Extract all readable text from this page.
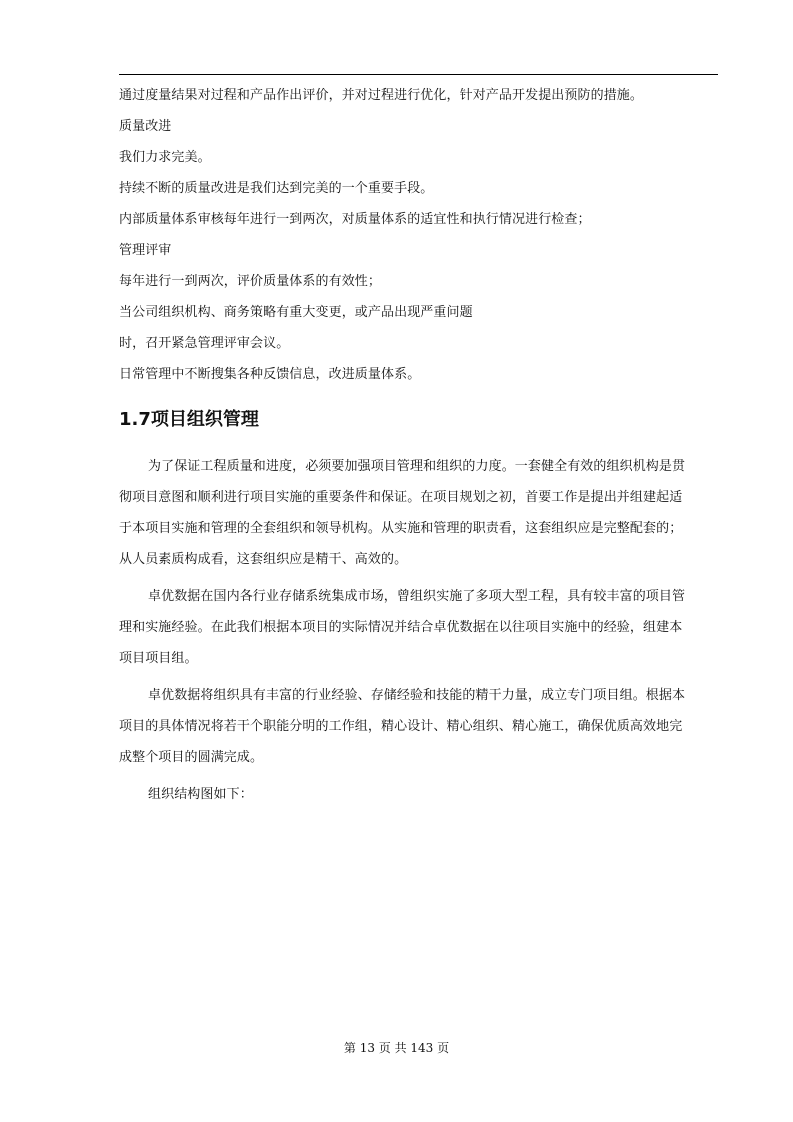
通过度量结果对过程和产品作出评价，并对过程进行优化，针对产品开发提出预防的措施。
质量改进
我们力求完美。
持续不断的质量改进是我们达到完美的一个重要手段。
内部质量体系审核每年进行一到两次，对质量体系的适宜性和执行情况进行检查；
管理评审
每年进行一到两次，评价质量体系的有效性；
当公司组织机构、商务策略有重大变更，或产品出现严重问题
时，召开紧急管理评审会议。
日常管理中不断搜集各种反馈信息，改进质量体系。
1.7项目组织管理
为了保证工程质量和进度，必须要加强项目管理和组织的力度。一套健全有效的组织机构是贯
彻项目意图和顺利进行项目实施的重要条件和保证。在项目规划之初，首要工作是提出并组建起适
于本项目实施和管理的全套组织和领导机构。从实施和管理的职责看，这套组织应是完整配套的；
从人员素质构成看，这套组织应是精干、高效的。
卓优数据在国内各行业存储系统集成市场，曾组织实施了多项大型工程，具有较丰富的项目管
理和实施经验。在此我们根据本项目的实际情况并结合卓优数据在以往项目实施中的经验，组建本
项目项目组。
卓优数据将组织具有丰富的行业经验、存储经验和技能的精干力量，成立专门项目组。根据本
项目的具体情况将若干个职能分明的工作组，精心设计、精心组织、精心施工，确保优质高效地完
成整个项目的圆满完成。
组织结构图如下：
第 13 页 共 143 页
